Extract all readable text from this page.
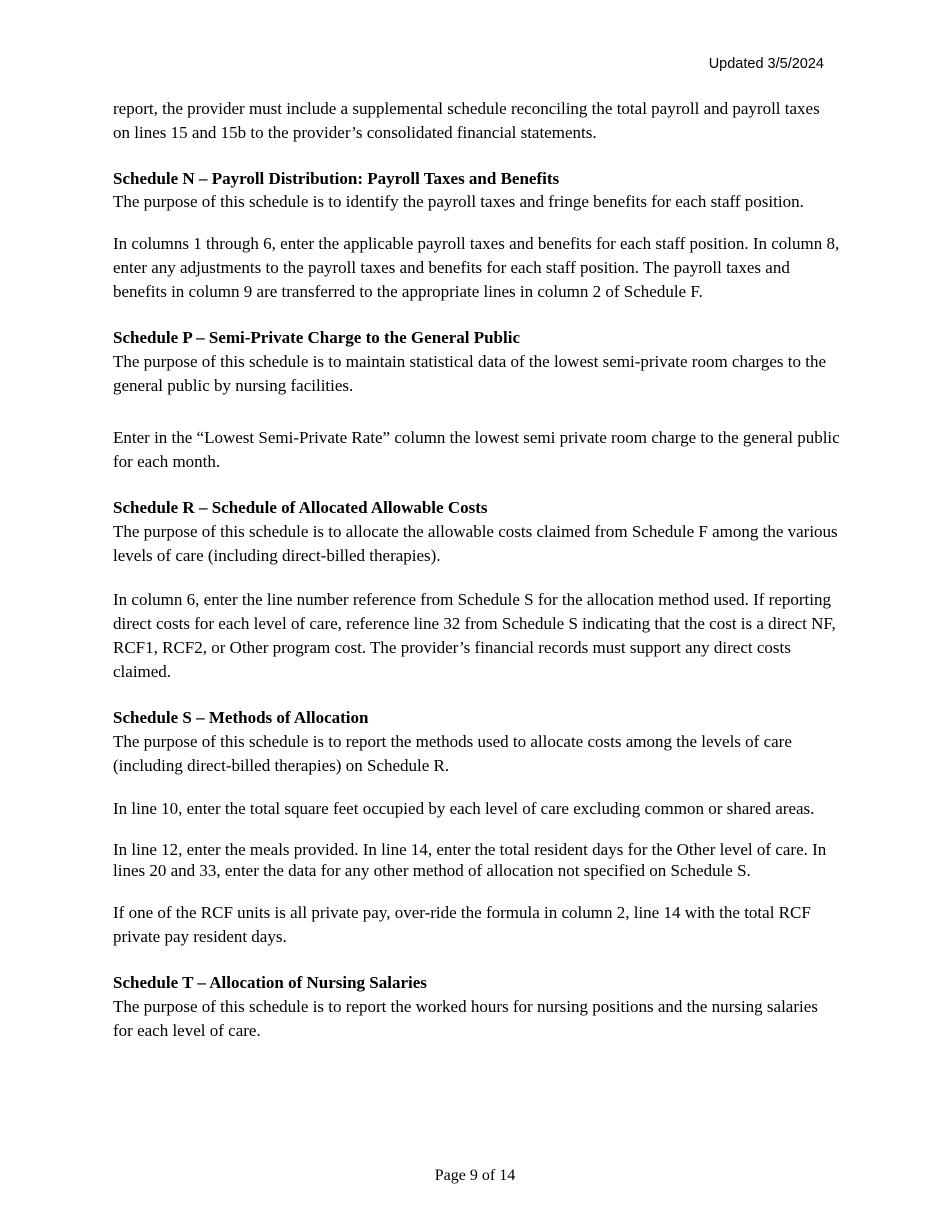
Updated 3/5/2024

report, the provider must include a supplemental schedule reconciling the total payroll and payroll taxes on lines 15 and 15b to the provider’s consolidated financial statements.

Schedule N – Payroll Distribution: Payroll Taxes and Benefits

The purpose of this schedule is to identify the payroll taxes and fringe benefits for each staff position.

In columns 1 through 6, enter the applicable payroll taxes and benefits for each staff position. In column 8, enter any adjustments to the payroll taxes and benefits for each staff position. The payroll taxes and benefits in column 9 are transferred to the appropriate lines in column 2 of Schedule F.

Schedule P – Semi-Private Charge to the General Public

The purpose of this schedule is to maintain statistical data of the lowest semi-private room charges to the general public by nursing facilities.

Enter in the “Lowest Semi-Private Rate” column the lowest semi private room charge to the general public for each month.

Schedule R – Schedule of Allocated Allowable Costs

The purpose of this schedule is to allocate the allowable costs claimed from Schedule F among the various levels of care (including direct-billed therapies).

In column 6, enter the line number reference from Schedule S for the allocation method used. If reporting direct costs for each level of care, reference line 32 from Schedule S indicating that the cost is a direct NF, RCF1, RCF2, or Other program cost. The provider’s financial records must support any direct costs claimed.

Schedule S – Methods of Allocation

The purpose of this schedule is to report the methods used to allocate costs among the levels of care (including direct-billed therapies) on Schedule R.

In line 10, enter the total square feet occupied by each level of care excluding common or shared areas.

In line 12, enter the meals provided. In line 14, enter the total resident days for the Other level of care. In lines 20 and 33, enter the data for any other method of allocation not specified on Schedule S.

If one of the RCF units is all private pay, over-ride the formula in column 2, line 14 with the total RCF private pay resident days.

Schedule T – Allocation of Nursing Salaries

The purpose of this schedule is to report the worked hours for nursing positions and the nursing salaries for each level of care.

Page 9 of 14
